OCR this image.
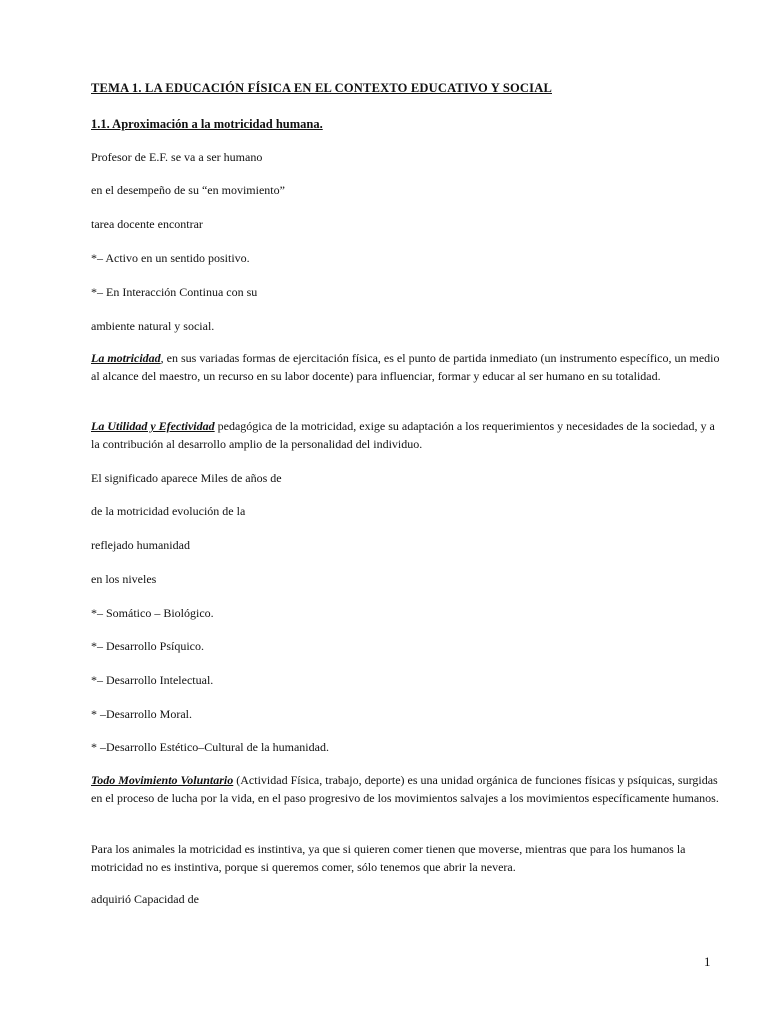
TEMA 1. LA EDUCACIÓN FÍSICA EN EL CONTEXTO EDUCATIVO Y SOCIAL
1.1. Aproximación a la motricidad humana.
Profesor de E.F. se va a ser humano
en el desempeño de su “en movimiento”
tarea docente encontrar
*– Activo en un sentido positivo.
*– En Interacción Continua con su
ambiente natural y social.
La motricidad, en sus variadas formas de ejercitación física, es el punto de partida inmediato (un instrumento específico, un medio al alcance del maestro, un recurso en su labor docente) para influenciar, formar y educar al ser humano en su totalidad.
La Utilidad y Efectividad pedagógica de la motricidad, exige su adaptación a los requerimientos y necesidades de la sociedad, y a la contribución al desarrollo amplio de la personalidad del individuo.
El significado aparece Miles de años de
de la motricidad evolución de la
reflejado humanidad
en los niveles
*– Somático – Biológico.
*– Desarrollo Psíquico.
*– Desarrollo Intelectual.
* –Desarrollo Moral.
* –Desarrollo Estético–Cultural de la humanidad.
Todo Movimiento Voluntario (Actividad Física, trabajo, deporte) es una unidad orgánica de funciones físicas y psíquicas, surgidas en el proceso de lucha por la vida, en el paso progresivo de los movimientos salvajes a los movimientos específicamente humanos.
Para los animales la motricidad es instintiva, ya que si quieren comer tienen que moverse, mientras que para los humanos la motricidad no es instintiva, porque si queremos comer, sólo tenemos que abrir la nevera.
adquirió Capacidad de
1
